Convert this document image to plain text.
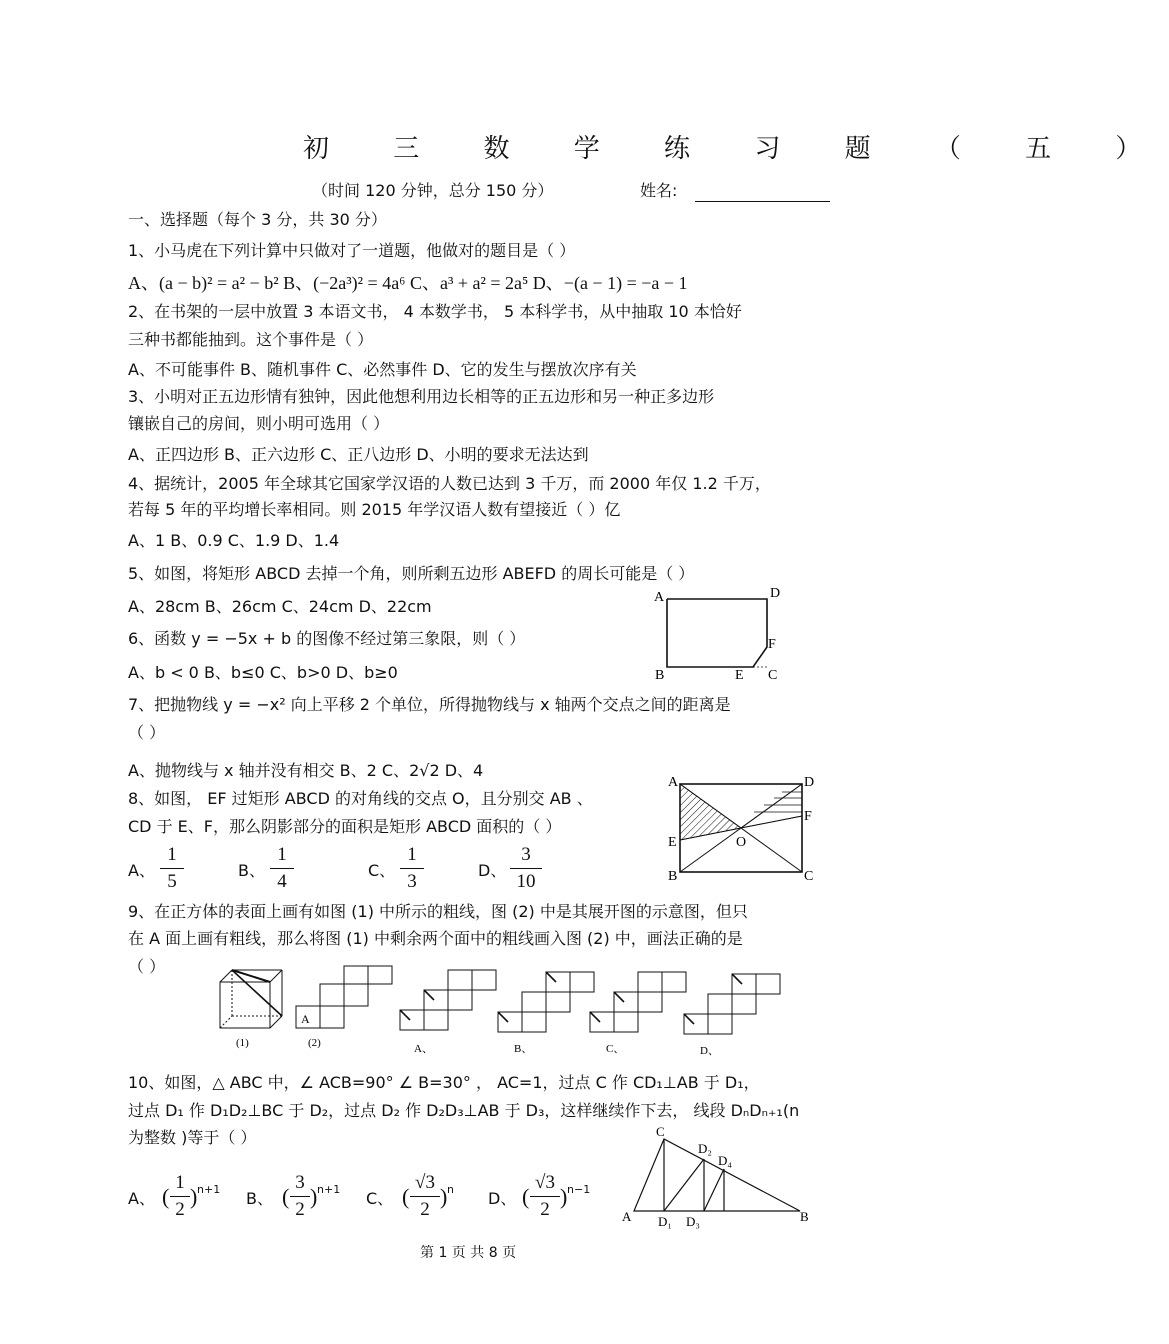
初 三 数 学 练 习 题 （ 五 ）
（时间 120 分钟，总分 150 分）	姓名:
一、选择题（每个 3 分，共 30 分）
1、小马虎在下列计算中只做对了一道题，他做对的题目是（ ）
A、(a − b)² = a² − b² B、(−2a³)² = 4a⁶ C、a³ + a² = 2a⁵ D、−(a − 1) = −a − 1
2、在书架的一层中放置 3 本语文书， 4 本数学书， 5 本科学书，从中抽取 10 本恰好
三种书都能抽到。这个事件是（ ）
A、不可能事件 B、随机事件 C、必然事件 D、它的发生与摆放次序有关
3、小明对正五边形情有独钟，因此他想利用边长相等的正五边形和另一种正多边形
镶嵌自己的房间，则小明可选用（ ）
A、正四边形 B、正六边形 C、正八边形 D、小明的要求无法达到
4、据统计，2005 年全球其它国家学汉语的人数已达到 3 千万，而 2000 年仅 1.2 千万，
若每 5 年的平均增长率相同。则 2015 年学汉语人数有望接近（ ）亿
A、1 B、0.9 C、1.9 D、1.4
5、如图，将矩形 ABCD 去掉一个角，则所剩五边形 ABEFD 的周长可能是（ ）
A、28cm B、26cm C、24cm D、22cm	A	D
F
B	E C
6、函数 y = −5x + b 的图像不经过第三象限，则（ ）
A、b < 0 B、b≤0 C、b>0 D、b≥0
7、把抛物线 y = −x² 向上平移 2 个单位，所得抛物线与 x 轴两个交点之间的距离是
（ ）
A、抛物线与 x 轴并没有相交 B、2 C、2√2 D、4
8、如图， EF 过矩形 ABCD 的对角线的交点 O，且分别交 AB 、
CD 于 E、F，那么阴影部分的面积是矩形 ABCD 面积的（ ）
A、
1
5
B、
1
4
C、
1
3
D、
3
10
A	D
F
E	O
B	C
9、在正方体的表面上画有如图 (1) 中所示的粗线，图 (2) 中是其展开图的示意图，但只
在 A 面上画有粗线，那么将图 (1) 中剩余两个面中的粗线画入图 (2) 中，画法正确的是
（ ）
A
(1)	(2)	A、	B、	C、	D、
10、如图，△ ABC 中，∠ ACB=90° ∠ B=30° ， AC=1，过点 C 作 CD₁⊥AB 于 D₁，
过点 D₁ 作 D₁D₂⊥BC 于 D₂，过点 D₂ 作 D₂D₃⊥AB 于 D₃，这样继续作下去， 线段 DₙDₙ₊₁(n
为整数 )等于（ ）
A、 (
1
2
) n+1 B、 (
3
2
) n+1 C、 (
√3
2
) n D、 (
√3
2
) n−1
C
D₂
D₄
A D₁ D₃	B
第 1 页 共 8 页
